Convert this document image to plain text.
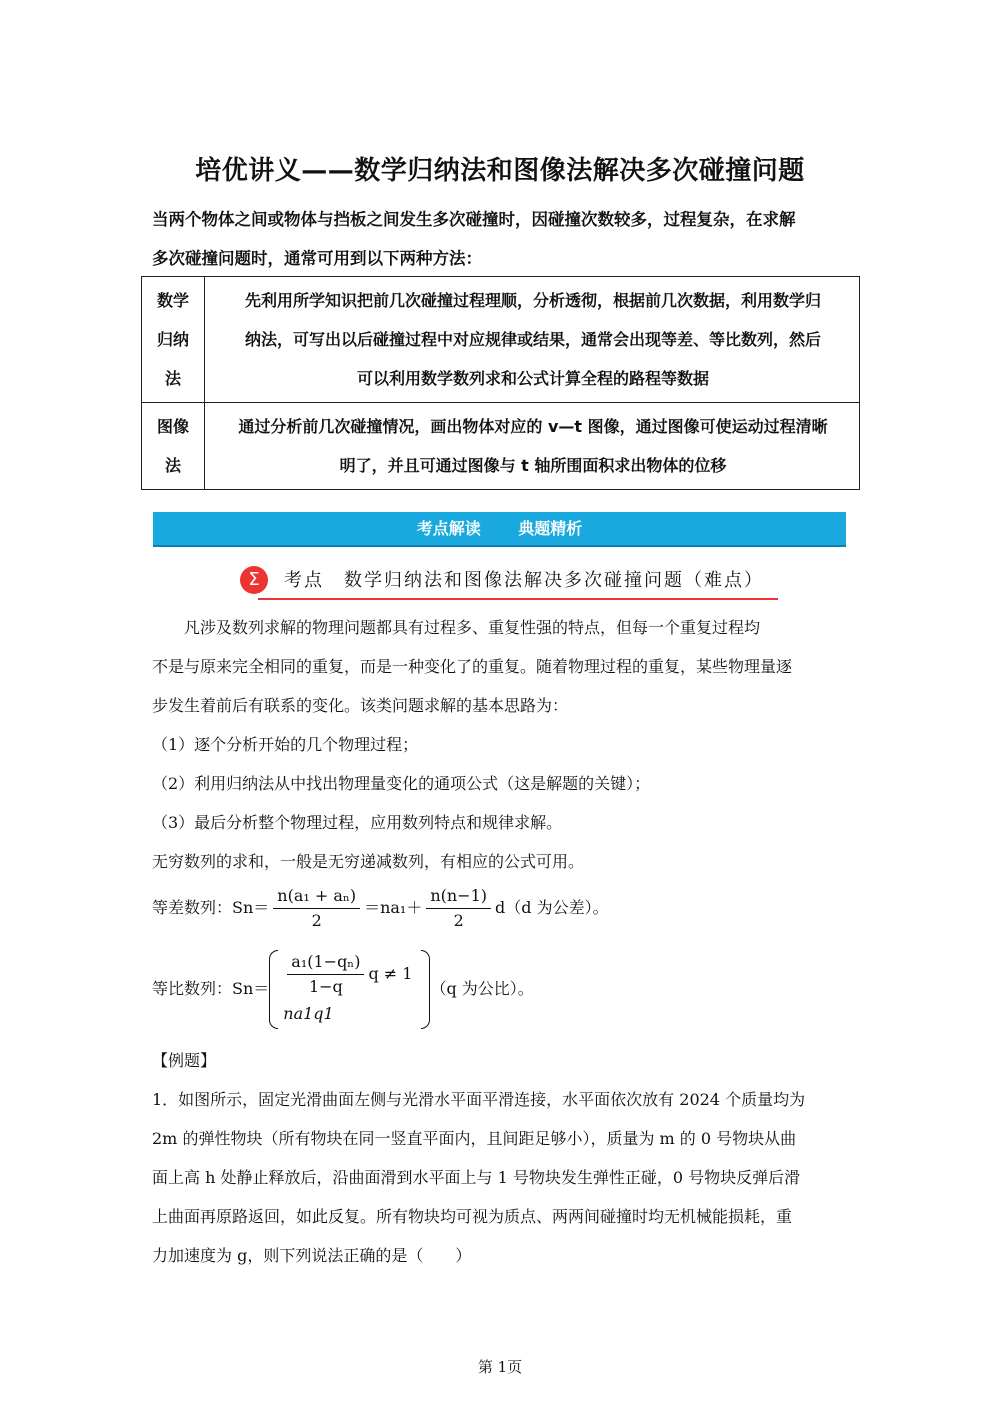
培优讲义——数学归纳法和图像法解决多次碰撞问题
当两个物体之间或物体与挡板之间发生多次碰撞时，因碰撞次数较多，过程复杂，在求解
多次碰撞问题时，通常可用到以下两种方法：
数学
归纳
法	先利用所学知识把前几次碰撞过程理顺，分析透彻，根据前几次数据，利用数学归
纳法，可写出以后碰撞过程中对应规律或结果，通常会出现等差、等比数列，然后
可以利用数学数列求和公式计算全程的路程等数据

图像
法	通过分析前几次碰撞情况，画出物体对应的 v—t 图像，通过图像可使运动过程清晰
明了，并且可通过图像与 t 轴所围面积求出物体的位移
考点解读 典题精析
Σ	考点　数学归纳法和图像法解决多次碰撞问题（难点）

凡涉及数列求解的物理问题都具有过程多、重复性强的特点，但每一个重复过程均

不是与原来完全相同的重复，而是一种变化了的重复。随着物理过程的重复，某些物理量逐

步发生着前后有联系的变化。该类问题求解的基本思路为：

（1）逐个分析开始的几个物理过程；

（2）利用归纳法从中找出物理量变化的通项公式（这是解题的关键）；

（3）最后分析整个物理过程，应用数列特点和规律求解。

无穷数列的求和，一般是无穷递减数列，有相应的公式可用。

等差数列：$Sn= \frac{\text{n(a₁ + aₙ)}}{2} =na_1+ \frac{n(n-1)}{2} d(d$ 为公差）。
等比数列：$Sn= \frac{\text{a₁(1−qₙ)}}{1-q}$ q ≠ 1
na1q1
（q 为公比）。

【例题】

1．如图所示，固定光滑曲面左侧与光滑水平面平滑连接，水平面依次放有 2024 个质量均为

2m 的弹性物块（所有物块在同一竖直平面内，且间距足够小），质量为 m 的 0 号物块从曲

面上高 h 处静止释放后，沿曲面滑到水平面上与 1 号物块发生弹性正碰，0 号物块反弹后滑

上曲面再原路返回，如此反复。所有物块均可视为质点、两两间碰撞时均无机械能损耗，重

力加速度为 g，则下列说法正确的是（　　）

第 1页
